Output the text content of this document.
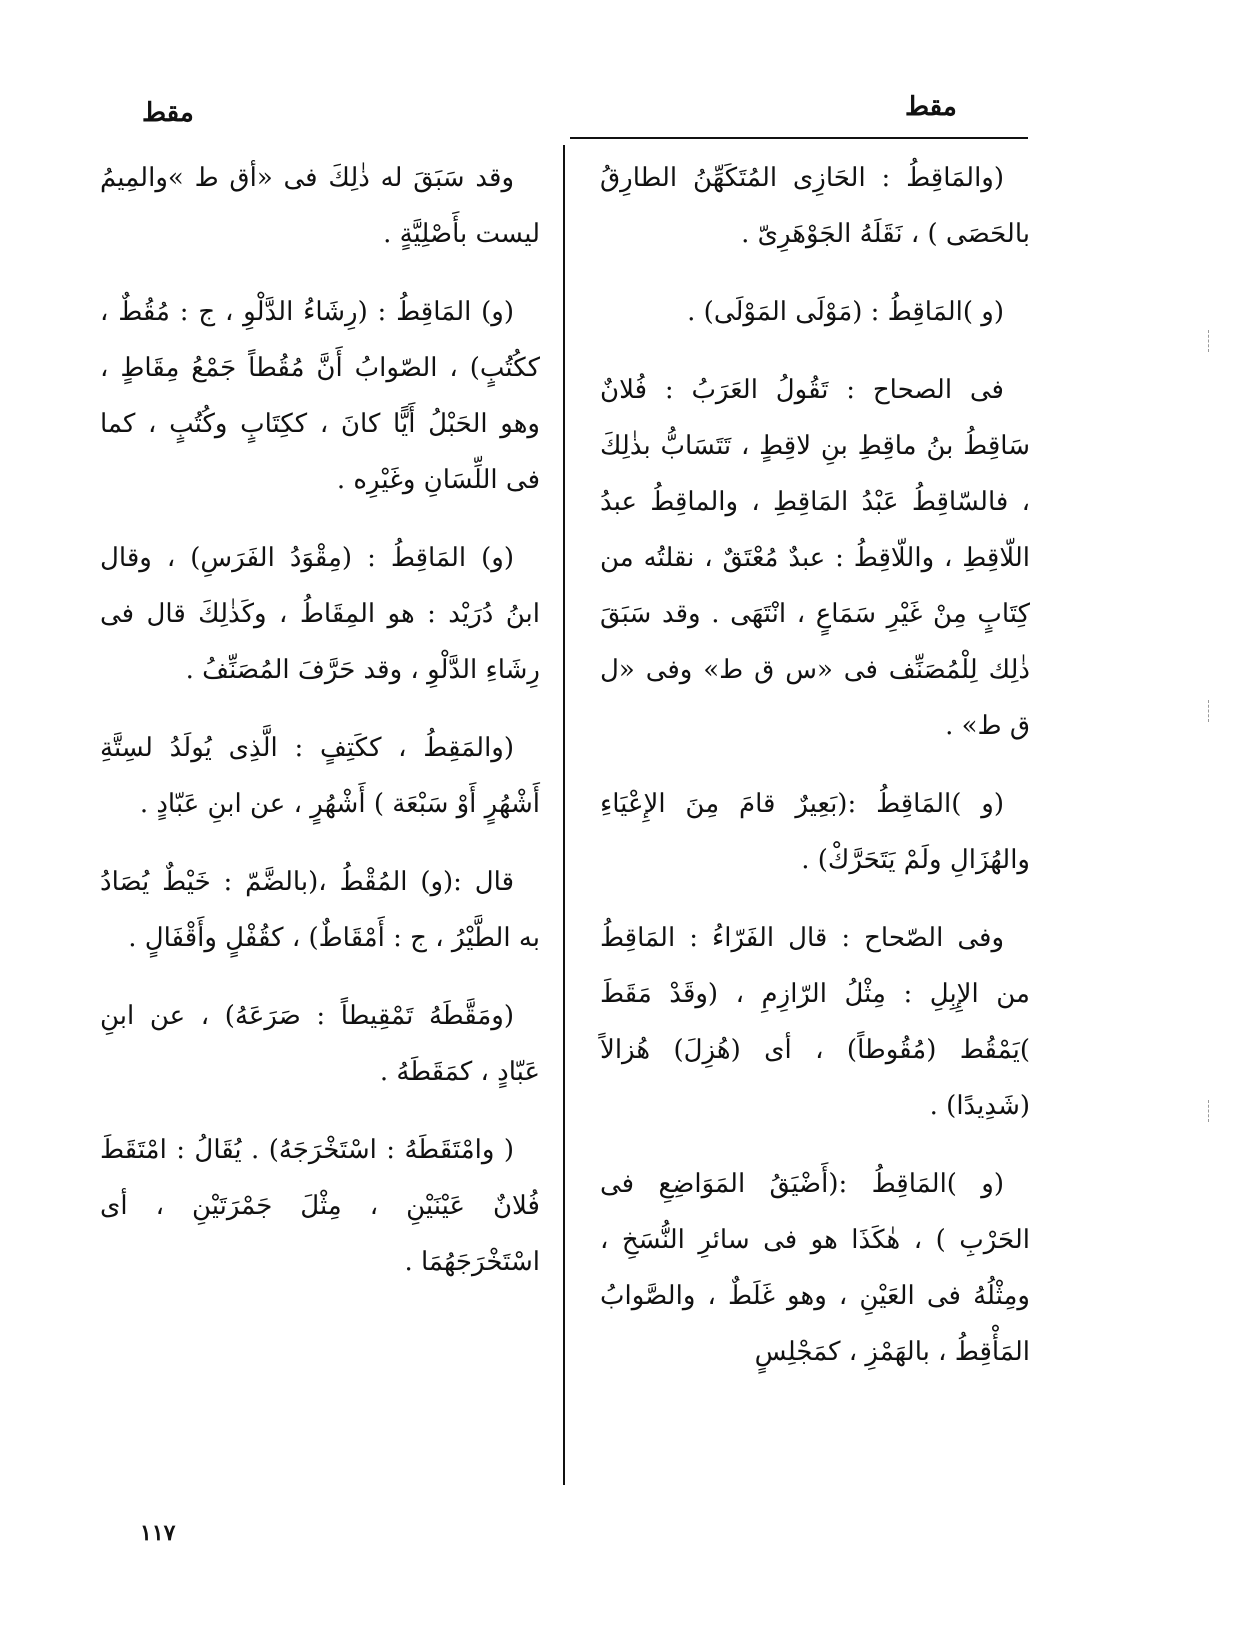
مقط	مقط

(والمَاقِطُ : الحَازِى المُتَكَهِّنُ الطارِقُ بالحَصَى ) ، نَقَلَهُ الجَوْهَرِىّ .

(و )المَاقِطُ : (مَوْلَى المَوْلَى) .

فى الصحاح : تَقُولُ العَرَبُ : فُلانٌ سَاقِطُ بنُ ماقِطِ بنِ لاقِطٍ ، تَتَسَابُّ بذٰلِكَ ، فالسّاقِطُ عَبْدُ المَاقِطِ ، والماقِطُ عبدُ اللّاقِطِ ، واللّاقِطُ : عبدٌ مُعْتَقٌ ، نقلتُه من كِتَابٍ مِنْ غَيْرِ سَمَاعٍ ، انْتَهَى . وقد سَبَقَ ذٰلِك لِلْمُصَنِّف فى «س ق ط» وفى «ل ق ط» .

(و )المَاقِطُ :(بَعِيرٌ قامَ مِنَ الإِعْيَاءِ والهُزَالِ ولَمْ يَتَحَرَّكْ) .

وفى الصّحاح : قال الفَرّاءُ : المَاقِطُ من الإِبِلِ : مِثْلُ الرّازِمِ ، (وقَدْ مَقَطَ )يَمْقُط (مُقُوطاً) ، أى (هُزِلَ) هُزالاً (شَدِيدًا) .

(و )المَاقِطُ :(أَضْيَقُ المَوَاضِعِ فى الحَرْبِ ) ، هٰكَذَا هو فى سائرِ النُّسَخِ ، ومِثْلُهُ فى العَيْنِ ، وهو غَلَطٌ ، والصَّوابُ المَأْقِطُ ، بالهَمْزِ ، كمَجْلِسٍ

وقد سَبَقَ له ذٰلِكَ فى «أق ط »والمِيمُ ليست بأَصْلِيَّةٍ .

(و) المَاقِطُ : (رِشَاءُ الدَّلْوِ ، ج : مُقُطٌ ، ككُتُبٍ) ، الصّوابُ أَنَّ مُقُطاً جَمْعُ مِقَاطٍ ، وهو الحَبْلُ أَيًّا كانَ ، ككِتَابٍ وكُتُبٍ ، كما فى اللِّسَانِ وغَيْرِه .

(و) المَاقِطُ : (مِقْوَدُ الفَرَسِ) ، وقال ابنُ دُرَيْد : هو المِقَاطُ ، وكَذٰلِكَ قال فى رِشَاءِ الدَّلْوِ ، وقد حَرَّفَ المُصَنِّفُ .

(والمَقِطُ ، ككَتِفٍ : الَّذِى يُولَدُ لسِتَّةِ أَشْهُرٍ أَوْ سَبْعَة ) أَشْهُرٍ ، عن ابنِ عَبّادٍ .

قال :(و) المُقْطُ ،(بالضَّمّ : خَيْطٌ يُصَادُ به الطَّيْرُ ، ج : أَمْقَاطٌ) ، كقُفْلٍ وأَقْفَالٍ .

(ومَقَّطَهُ تَمْقِيطاً : صَرَعَهُ) ، عن ابنِ عَبّادٍ ، كمَقَطَهُ .

( وامْتَقَطَهُ : اسْتَخْرَجَهُ) . يُقَالُ : امْتَقَطَ فُلانٌ عَيْنَيْنِ ، مِثْلَ جَمْرَتَيْنِ ، أى اسْتَخْرَجَهُمَا .

١١٧
